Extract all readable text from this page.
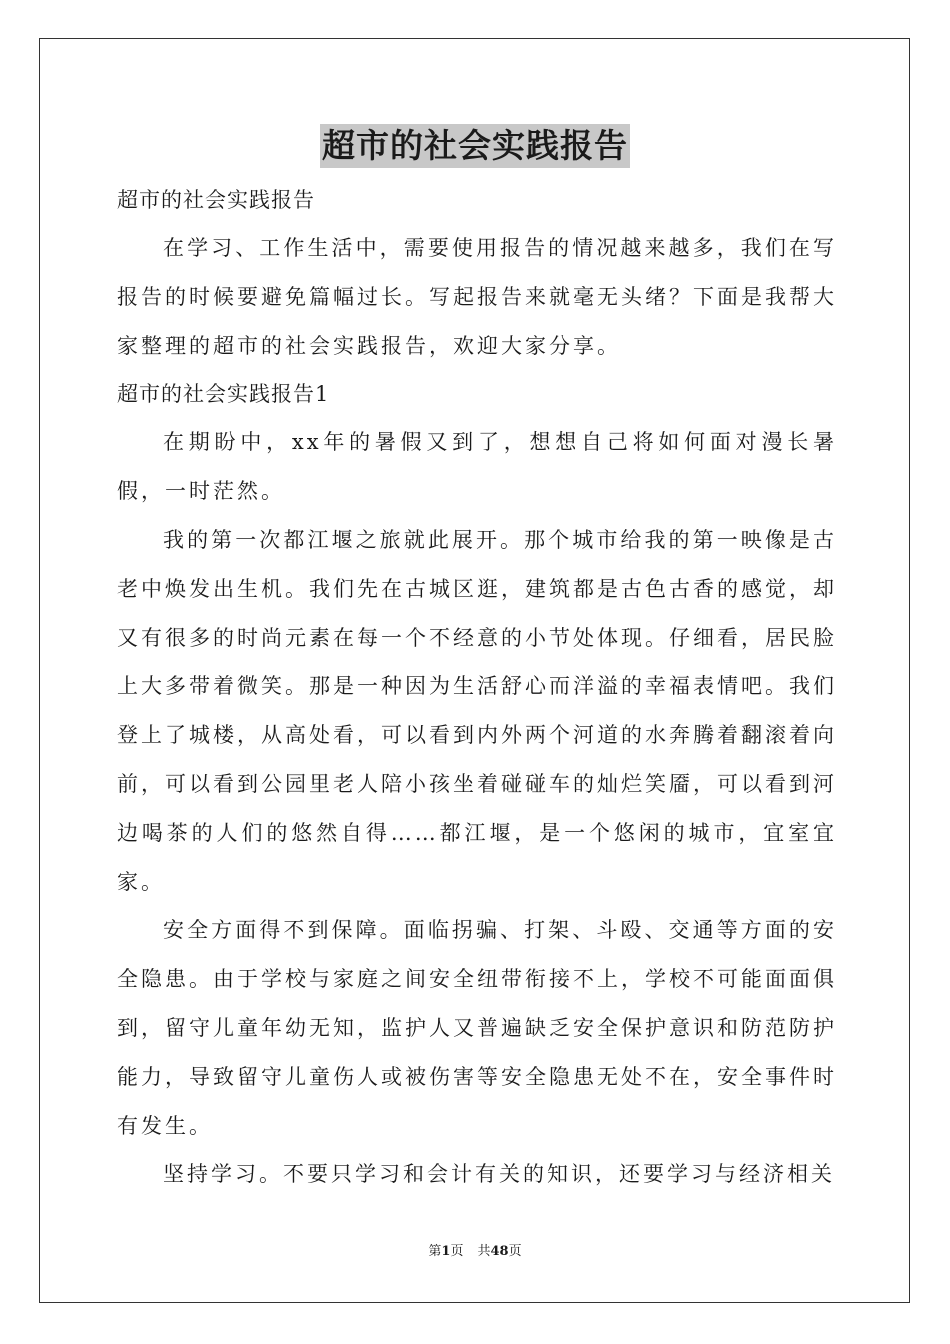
超市的社会实践报告

超市的社会实践报告

在学习、工作生活中，需要使用报告的情况越来越多，我们在写报告的时候要避免篇幅过长。写起报告来就毫无头绪？下面是我帮大家整理的超市的社会实践报告，欢迎大家分享。

超市的社会实践报告1

在期盼中，xx年的暑假又到了，想想自己将如何面对漫长暑假，一时茫然。

我的第一次都江堰之旅就此展开。那个城市给我的第一映像是古老中焕发出生机。我们先在古城区逛，建筑都是古色古香的感觉，却又有很多的时尚元素在每一个不经意的小节处体现。仔细看，居民脸上大多带着微笑。那是一种因为生活舒心而洋溢的幸福表情吧。我们登上了城楼，从高处看，可以看到内外两个河道的水奔腾着翻滚着向前，可以看到公园里老人陪小孩坐着碰碰车的灿烂笑靥，可以看到河边喝茶的人们的悠然自得……都江堰，是一个悠闲的城市，宜室宜家。

安全方面得不到保障。面临拐骗、打架、斗殴、交通等方面的安全隐患。由于学校与家庭之间安全纽带衔接不上，学校不可能面面俱到，留守儿童年幼无知，监护人又普遍缺乏安全保护意识和防范防护能力，导致留守儿童伤人或被伤害等安全隐患无处不在，安全事件时有发生。

坚持学习。不要只学习和会计有关的知识，还要学习与经济相关

第1页 共48页
